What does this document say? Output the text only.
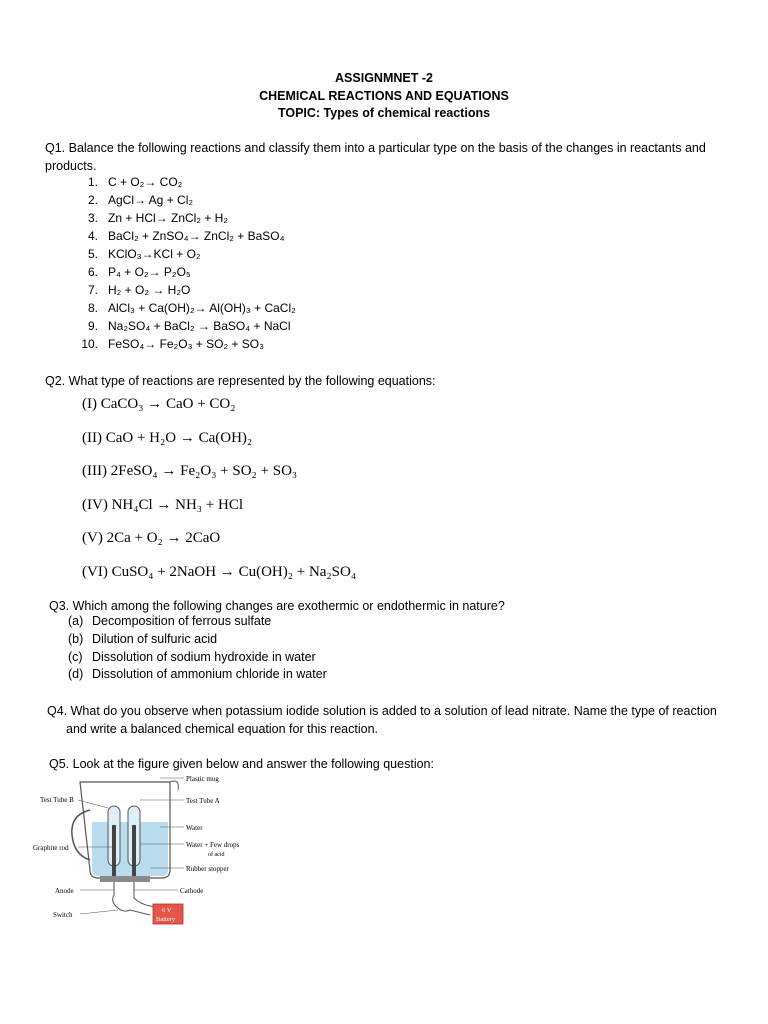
ASSIGNMNET -2
CHEMICAL REACTIONS AND EQUATIONS
TOPIC: Types of chemical reactions
Q1. Balance the following reactions and classify them into a particular type on the basis of the changes in reactants and
products.
1. C + O₂→ CO₂
2. AgCl→ Ag + Cl₂
3. Zn + HCl→ ZnCl₂ + H₂
4. BaCl₂ + ZnSO₄→ ZnCl₂ + BaSO₄
5. KClO₃→KCl + O₂
6. P₄ + O₂→ P₂O₅
7. H₂ + O₂ → H₂O
8. AlCl₃ + Ca(OH)₂→ Al(OH)₃ + CaCl₂
9. Na₂SO₄ + BaCl₂ → BaSO₄ + NaCl
10. FeSO₄→ Fe₂O₃ + SO₂ + SO₃
Q2. What type of reactions are represented by the following equations:
(I) CaCO₃ → CaO + CO₂
(II) CaO + H₂O → Ca(OH)₂
(III) 2FeSO₄ → Fe₂O₃ + SO₂ + SO₃
(IV) NH₄Cl → NH₃ + HCl
(V) 2Ca + O₂ → 2CaO
(VI) CuSO₄ + 2NaOH → Cu(OH)₂ + Na₂SO₄
Q3. Which among the following changes are exothermic or endothermic in nature?
(a) Decomposition of ferrous sulfate
(b) Dilution of sulfuric acid
(c) Dissolution of sodium hydroxide in water
(d) Dissolution of ammonium chloride in water
Q4. What do you observe when potassium iodide solution is added to a solution of lead nitrate. Name the type of reaction
and write a balanced chemical equation for this reaction.
Q5. Look at the figure given below and answer the following question:
Plastic mug
Test Tube B	Test Tube A
Water
Water + Few drops
of acid
Graphite rod
Rubber stopper
Anode	Cathode
Switch
6 V
Battery
